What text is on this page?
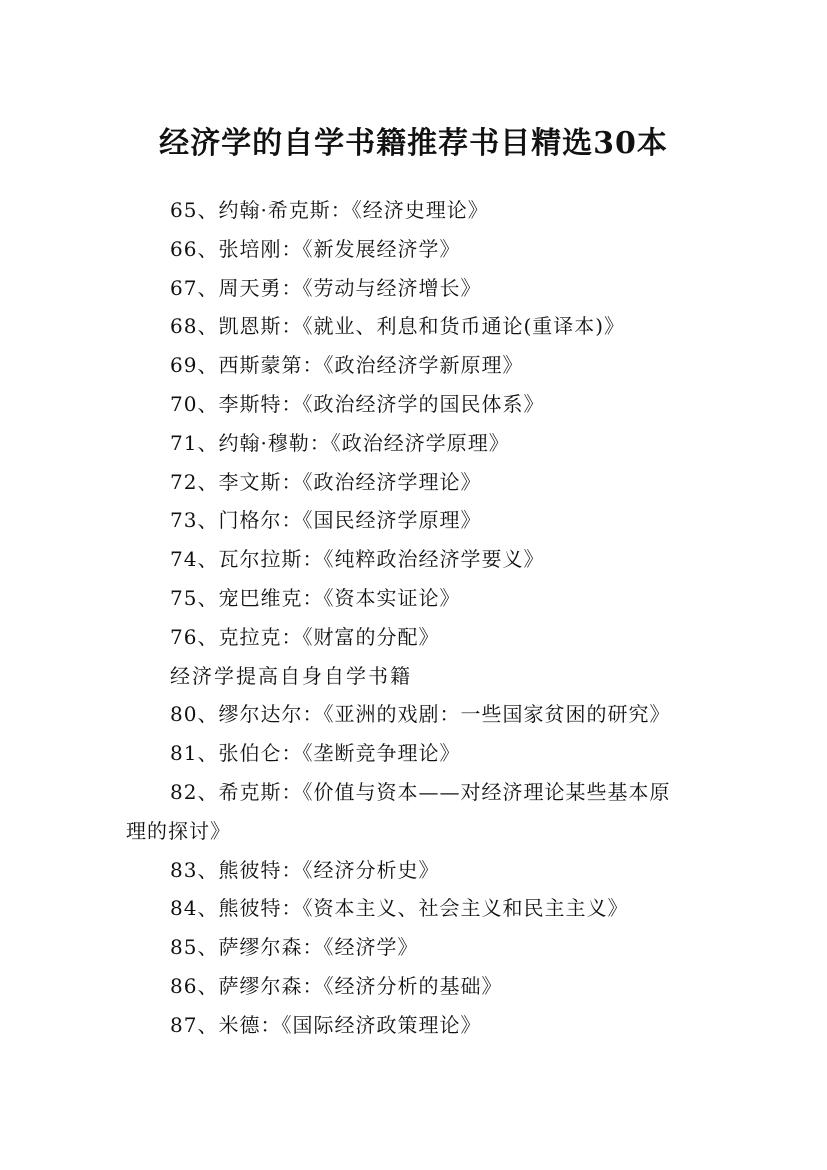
经济学的自学书籍推荐书目精选30本
65、约翰·希克斯：《经济史理论》
66、张培刚：《新发展经济学》
67、周天勇：《劳动与经济增长》
68、凯恩斯：《就业、利息和货币通论(重译本)》
69、西斯蒙第：《政治经济学新原理》
70、李斯特：《政治经济学的国民体系》
71、约翰·穆勒：《政治经济学原理》
72、李文斯：《政治经济学理论》
73、门格尔：《国民经济学原理》
74、瓦尔拉斯：《纯粹政治经济学要义》
75、宠巴维克：《资本实证论》
76、克拉克：《财富的分配》
经济学提高自身自学书籍
80、缪尔达尔：《亚洲的戏剧：一些国家贫困的研究》
81、张伯仑：《垄断竞争理论》
82、希克斯：《价值与资本——对经济理论某些基本原
理的探讨》
83、熊彼特：《经济分析史》
84、熊彼特：《资本主义、社会主义和民主主义》
85、萨缪尔森：《经济学》
86、萨缪尔森：《经济分析的基础》
87、米德：《国际经济政策理论》
